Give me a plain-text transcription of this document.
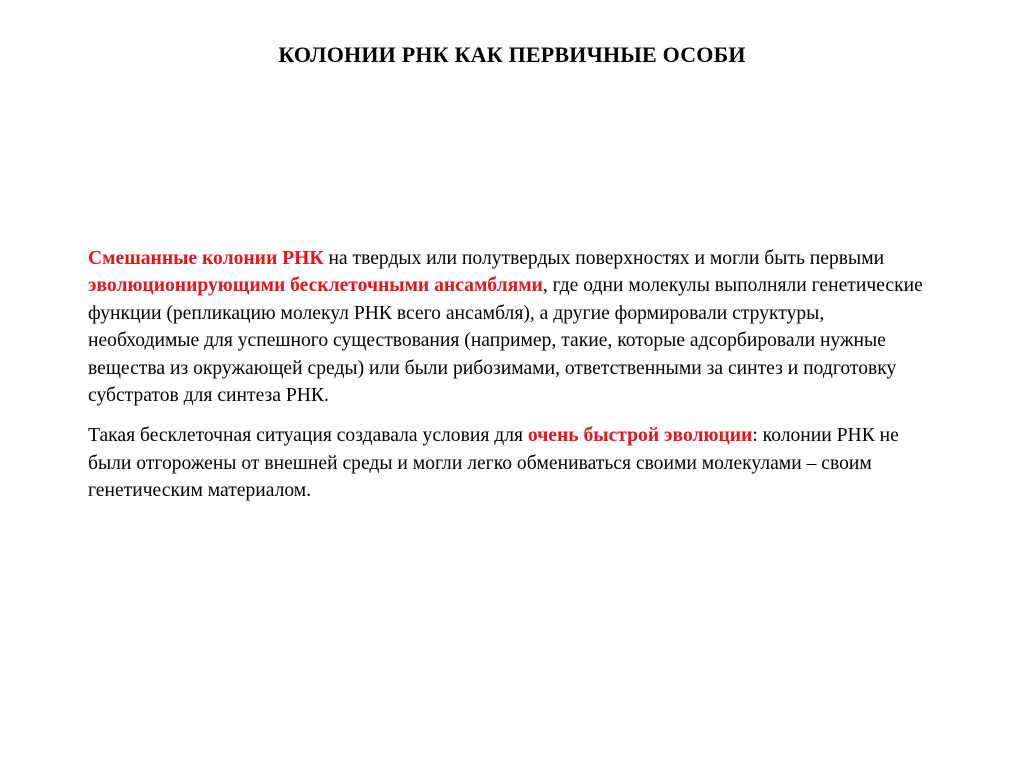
КОЛОНИИ РНК КАК ПЕРВИЧНЫЕ ОСОБИ

Смешанные колонии РНК на твердых или полутвердых поверхностях и могли быть первыми эволюционирующими бесклеточными ансамблями, где одни молекулы выполняли генетические функции (репликацию молекул РНК всего ансамбля), а другие формировали структуры, необходимые для успешного существования (например, такие, которые адсорбировали нужные вещества из окружающей среды) или были рибозимами, ответственными за синтез и подготовку субстратов для синтеза РНК.

Такая бесклеточная ситуация создавала условия для очень быстрой эволюции: колонии РНК не были отгорожены от внешней среды и могли легко обмениваться своими молекулами – своим генетическим материалом.
